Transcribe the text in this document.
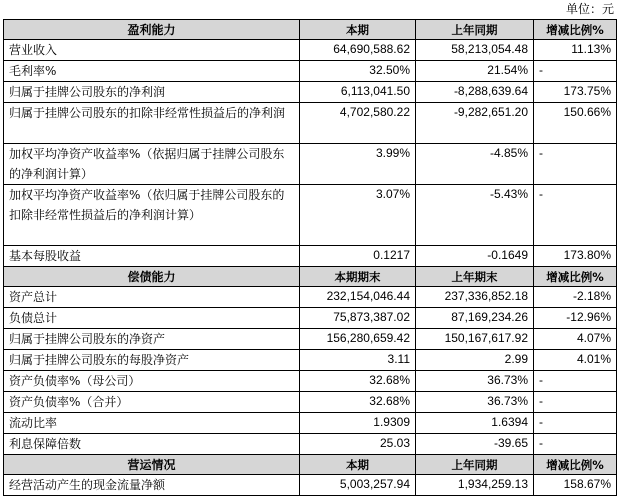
单位：元
盈利能力	本期	上年同期	增减比例%
营业收入	64,690,588.62	58,213,054.48	11.13%
毛利率%	32.50%	21.54%	-
归属于挂牌公司股东的净利润	6,113,041.50	-8,288,639.64	173.75%
归属于挂牌公司股东的扣除非经常性损益后的净利润	4,702,580.22	-9,282,651.20	150.66%
加权平均净资产收益率%（依据归属于挂牌公司股东的净利润计算）	3.99%	-4.85%	-
加权平均净资产收益率%（依归属于挂牌公司股东的扣除非经常性损益后的净利润计算）	3.07%	-5.43%	-
基本每股收益	0.1217	-0.1649	173.80%
偿债能力	本期期末	上年期末	增减比例%
资产总计	232,154,046.44	237,336,852.18	-2.18%
负债总计	75,873,387.02	87,169,234.26	-12.96%
归属于挂牌公司股东的净资产	156,280,659.42	150,167,617.92	4.07%
归属于挂牌公司股东的每股净资产	3.11	2.99	4.01%
资产负债率%（母公司）	32.68%	36.73%	-
资产负债率%（合并）	32.68%	36.73%	-
流动比率	1.9309	1.6394	-
利息保障倍数	25.03	-39.65	-
营运情况	本期	上年同期	增减比例%
经营活动产生的现金流量净额	5,003,257.94	1,934,259.13	158.67%
